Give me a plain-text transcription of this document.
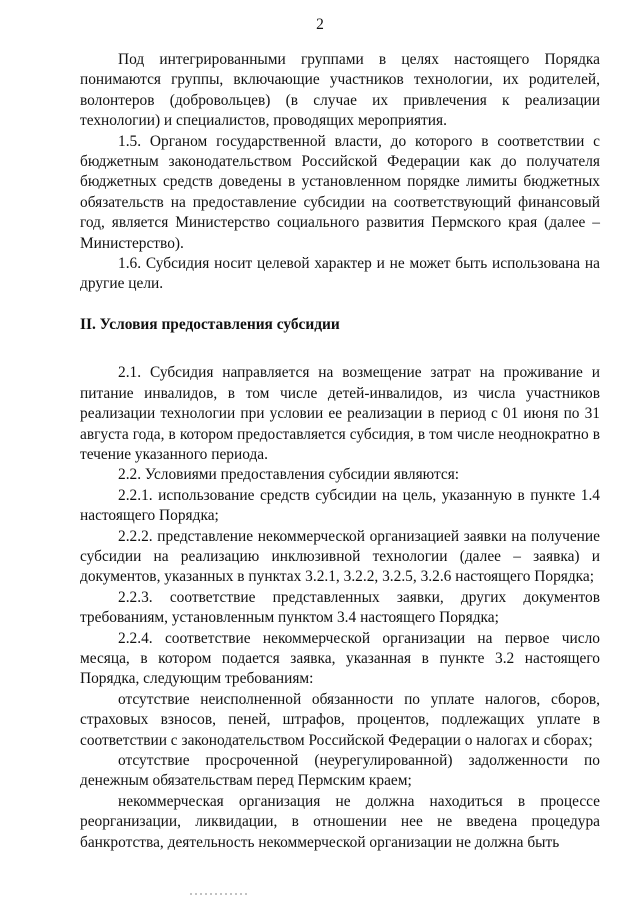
2

Под интегрированными группами в целях настоящего Порядка понимаются группы, включающие участников технологии, их родителей, волонтеров (добровольцев) (в случае их привлечения к реализации технологии) и специалистов, проводящих мероприятия.

1.5. Органом государственной власти, до которого в соответствии с бюджетным законодательством Российской Федерации как до получателя бюджетных средств доведены в установленном порядке лимиты бюджетных обязательств на предоставление субсидии на соответствующий финансовый год, является Министерство социального развития Пермского края (далее – Министерство).

1.6. Субсидия носит целевой характер и не может быть использована на другие цели.

II. Условия предоставления субсидии

2.1. Субсидия направляется на возмещение затрат на проживание и питание инвалидов, в том числе детей-инвалидов, из числа участников реализации технологии при условии ее реализации в период с 01 июня по 31 августа года, в котором предоставляется субсидия, в том числе неоднократно в течение указанного периода.

2.2. Условиями предоставления субсидии являются:

2.2.1. использование средств субсидии на цель, указанную в пункте 1.4 настоящего Порядка;

2.2.2. представление некоммерческой организацией заявки на получение субсидии на реализацию инклюзивной технологии (далее – заявка) и документов, указанных в пунктах 3.2.1, 3.2.2, 3.2.5, 3.2.6 настоящего Порядка;

2.2.3. соответствие представленных заявки, других документов требованиям, установленным пунктом 3.4 настоящего Порядка;

2.2.4. соответствие некоммерческой организации на первое число месяца, в котором подается заявка, указанная в пункте 3.2 настоящего Порядка, следующим требованиям:

отсутствие неисполненной обязанности по уплате налогов, сборов, страховых взносов, пеней, штрафов, процентов, подлежащих уплате в соответствии с законодательством Российской Федерации о налогах и сборах;

отсутствие просроченной (неурегулированной) задолженности по денежным обязательствам перед Пермским краем;

некоммерческая организация не должна находиться в процессе реорганизации, ликвидации, в отношении нее не введена процедура банкротства, деятельность некоммерческой организации не должна быть
